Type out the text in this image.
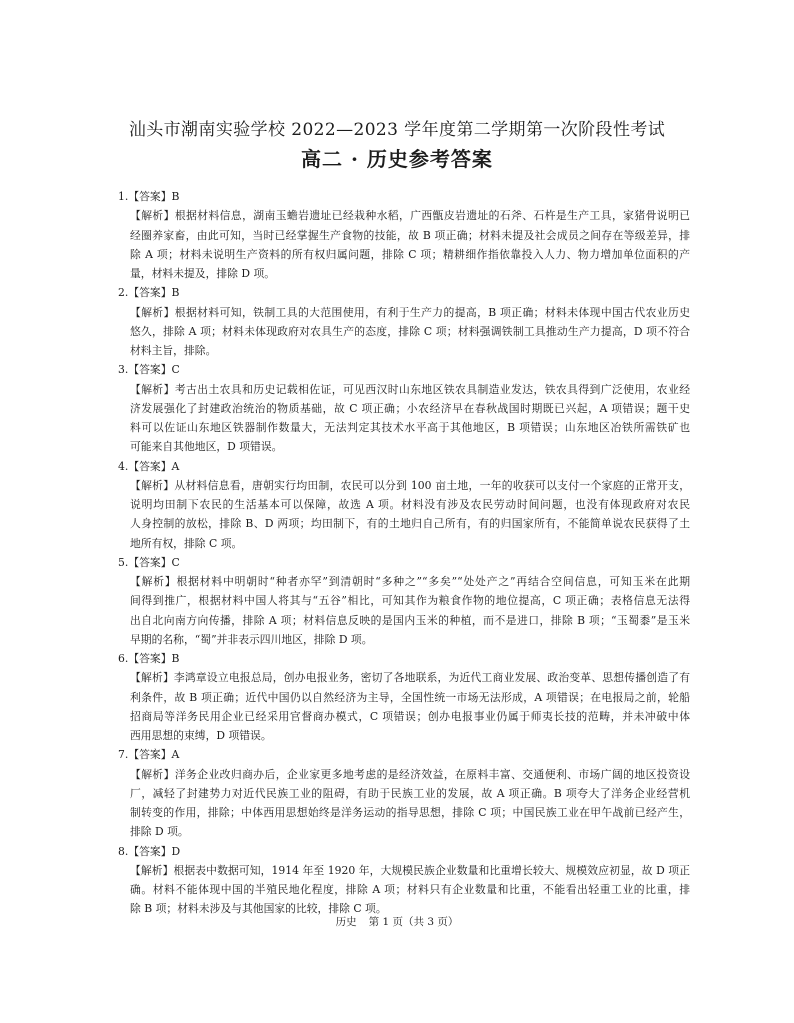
汕头市潮南实验学校 2022—2023 学年度第二学期第一次阶段性考试
高二 · 历史参考答案
1.【答案】B
【解析】根据材料信息，湖南玉蟾岩遗址已经栽种水稻，广西甑皮岩遗址的石斧、石杵是生产工具，家猪骨说明已
经圈养家畜，由此可知，当时已经掌握生产食物的技能，故 B 项正确；材料未提及社会成员之间存在等级差异，排
除 A 项；材料未说明生产资料的所有权归属问题，排除 C 项；精耕细作指依靠投入人力、物力增加单位面积的产
量，材料未提及，排除 D 项。
2.【答案】B
【解析】根据材料可知，铁制工具的大范围使用，有利于生产力的提高，B 项正确；材料未体现中国古代农业历史
悠久，排除 A 项；材料未体现政府对农具生产的态度，排除 C 项；材料强调铁制工具推动生产力提高，D 项不符合
材料主旨，排除。
3.【答案】C
【解析】考古出土农具和历史记载相佐证，可见西汉时山东地区铁农具制造业发达，铁农具得到广泛使用，农业经
济发展强化了封建政治统治的物质基础，故 C 项正确；小农经济早在春秋战国时期既已兴起，A 项错误；题干史
料可以佐证山东地区铁器制作数量大，无法判定其技术水平高于其他地区，B 项错误；山东地区冶铁所需铁矿也
可能来自其他地区，D 项错误。
4.【答案】A
【解析】从材料信息看，唐朝实行均田制，农民可以分到 100 亩土地，一年的收获可以支付一个家庭的正常开支，
说明均田制下农民的生活基本可以保障，故选 A 项。材料没有涉及农民劳动时间问题，也没有体现政府对农民
人身控制的放松，排除 B、D 两项；均田制下，有的土地归自己所有，有的归国家所有，不能简单说农民获得了土
地所有权，排除 C 项。
5.【答案】C
【解析】根据材料中明朝时“种者亦罕”到清朝时“多种之”“多矣”“处处产之”再结合空间信息，可知玉米在此期
间得到推广，根据材料中国人将其与“五谷”相比，可知其作为粮食作物的地位提高，C 项正确；表格信息无法得
出自北向南方向传播，排除 A 项；材料信息反映的是国内玉米的种植，而不是进口，排除 B 项；“玉蜀黍”是玉米
早期的名称，“蜀”并非表示四川地区，排除 D 项。
6.【答案】B
【解析】李鸿章设立电报总局，创办电报业务，密切了各地联系，为近代工商业发展、政治变革、思想传播创造了有
利条件，故 B 项正确；近代中国仍以自然经济为主导，全国性统一市场无法形成，A 项错误；在电报局之前，轮船
招商局等洋务民用企业已经采用官督商办模式，C 项错误；创办电报事业仍属于师夷长技的范畴，并未冲破中体
西用思想的束缚，D 项错误。
7.【答案】A
【解析】洋务企业改归商办后，企业家更多地考虑的是经济效益，在原料丰富、交通便利、市场广阔的地区投资设
厂，减轻了封建势力对近代民族工业的阻碍，有助于民族工业的发展，故 A 项正确。B 项夸大了洋务企业经营机
制转变的作用，排除；中体西用思想始终是洋务运动的指导思想，排除 C 项；中国民族工业在甲午战前已经产生，
排除 D 项。
8.【答案】D
【解析】根据表中数据可知，1914 年至 1920 年，大规模民族企业数量和比重增长较大、规模效应初显，故 D 项正
确。材料不能体现中国的半殖民地化程度，排除 A 项；材料只有企业数量和比重，不能看出轻重工业的比重，排
除 B 项；材料未涉及与其他国家的比较，排除 C 项。
历史 第 1 页（共 3 页）
